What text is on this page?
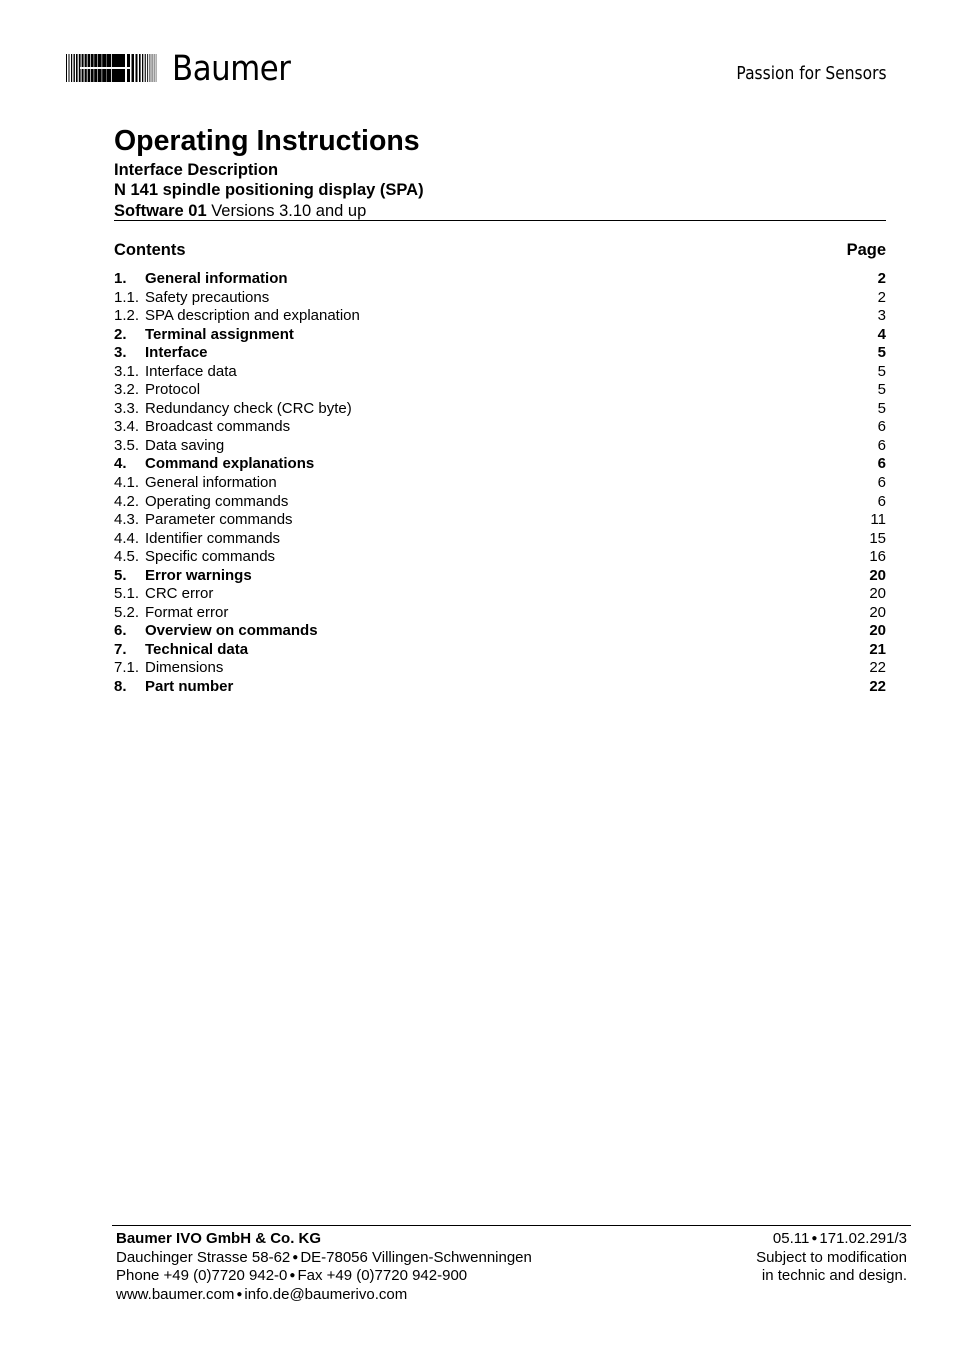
Baumer	Passion for Sensors
Operating Instructions
Interface Description
N 141 spindle positioning display (SPA)
Software 01 Versions 3.10 and up
Contents	Page
1. General information	2
1.1. Safety precautions	2
1.2. SPA description and explanation	3
2. Terminal assignment	4
3. Interface	5
3.1. Interface data	5
3.2. Protocol	5
3.3. Redundancy check (CRC byte)	5
3.4. Broadcast commands	6
3.5. Data saving	6
4. Command explanations	6
4.1. General information	6
4.2. Operating commands	6
4.3. Parameter commands	11
4.4. Identifier commands	15
4.5. Specific commands	16
5. Error warnings	20
5.1. CRC error	20
5.2. Format error	20
6. Overview on commands	20
7. Technical data	21
7.1. Dimensions	22
8. Part number	22
Baumer IVO GmbH & Co. KG
Dauchinger Strasse 58-62 ● DE-78056 Villingen-Schwenningen
Phone +49 (0)7720 942-0 ● Fax +49 (0)7720 942-900
www.baumer.com ● info.de@baumerivo.com
05.11 ● 171.02.291/3
Subject to modification
in technic and design.
